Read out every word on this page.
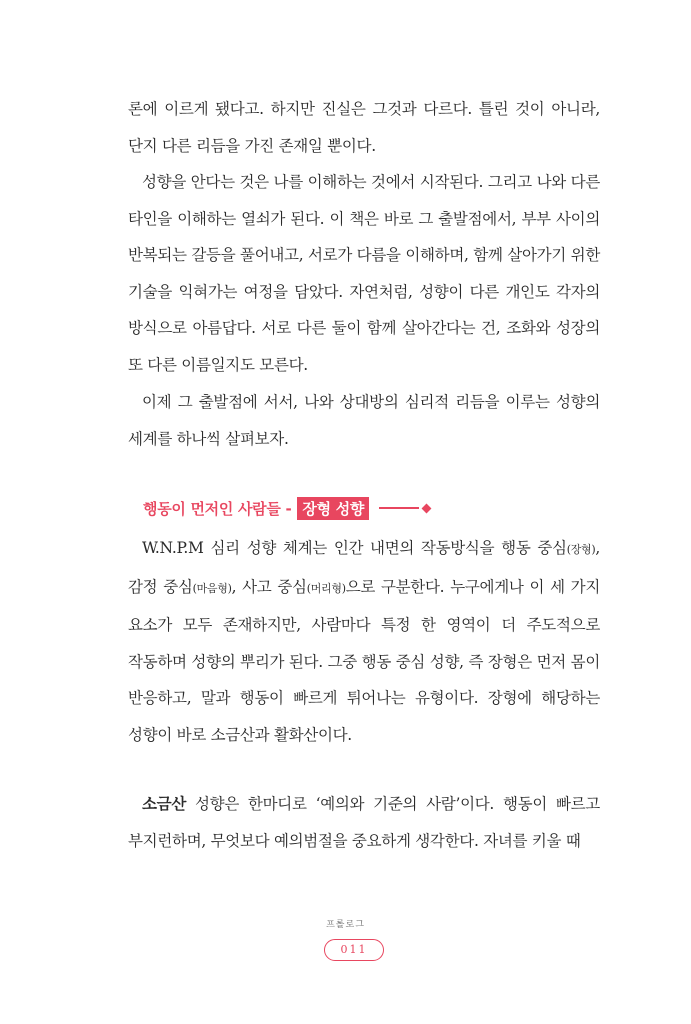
론에 이르게 됐다고. 하지만 진실은 그것과 다르다. 틀린 것이 아니라, 단지 다른 리듬을 가진 존재일 뿐이다.

성향을 안다는 것은 나를 이해하는 것에서 시작된다. 그리고 나와 다른 타인을 이해하는 열쇠가 된다. 이 책은 바로 그 출발점에서, 부부 사이의 반복되는 갈등을 풀어내고, 서로가 다름을 이해하며, 함께 살아가기 위한 기술을 익혀가는 여정을 담았다. 자연처럼, 성향이 다른 개인도 각자의 방식으로 아름답다. 서로 다른 둘이 함께 살아간다는 건, 조화와 성장의 또 다른 이름일지도 모른다.

이제 그 출발점에 서서, 나와 상대방의 심리적 리듬을 이루는 성향의 세계를 하나씩 살펴보자.

행동이 먼저인 사람들 - 장형 성향

W.N.P.M 심리 성향 체계는 인간 내면의 작동방식을 행동 중심(장형), 감정 중심(마음형), 사고 중심(머리형)으로 구분한다. 누구에게나 이 세 가지 요소가 모두 존재하지만, 사람마다 특정 한 영역이 더 주도적으로 작동하며 성향의 뿌리가 된다. 그중 행동 중심 성향, 즉 장형은 먼저 몸이 반응하고, 말과 행동이 빠르게 튀어나는 유형이다. 장형에 해당하는 성향이 바로 소금산과 활화산이다.

소금산 성향은 한마디로 ‘예의와 기준의 사람’이다. 행동이 빠르고 부지런하며, 무엇보다 예의범절을 중요하게 생각한다. 자녀를 키울 때

프롤로그
011
